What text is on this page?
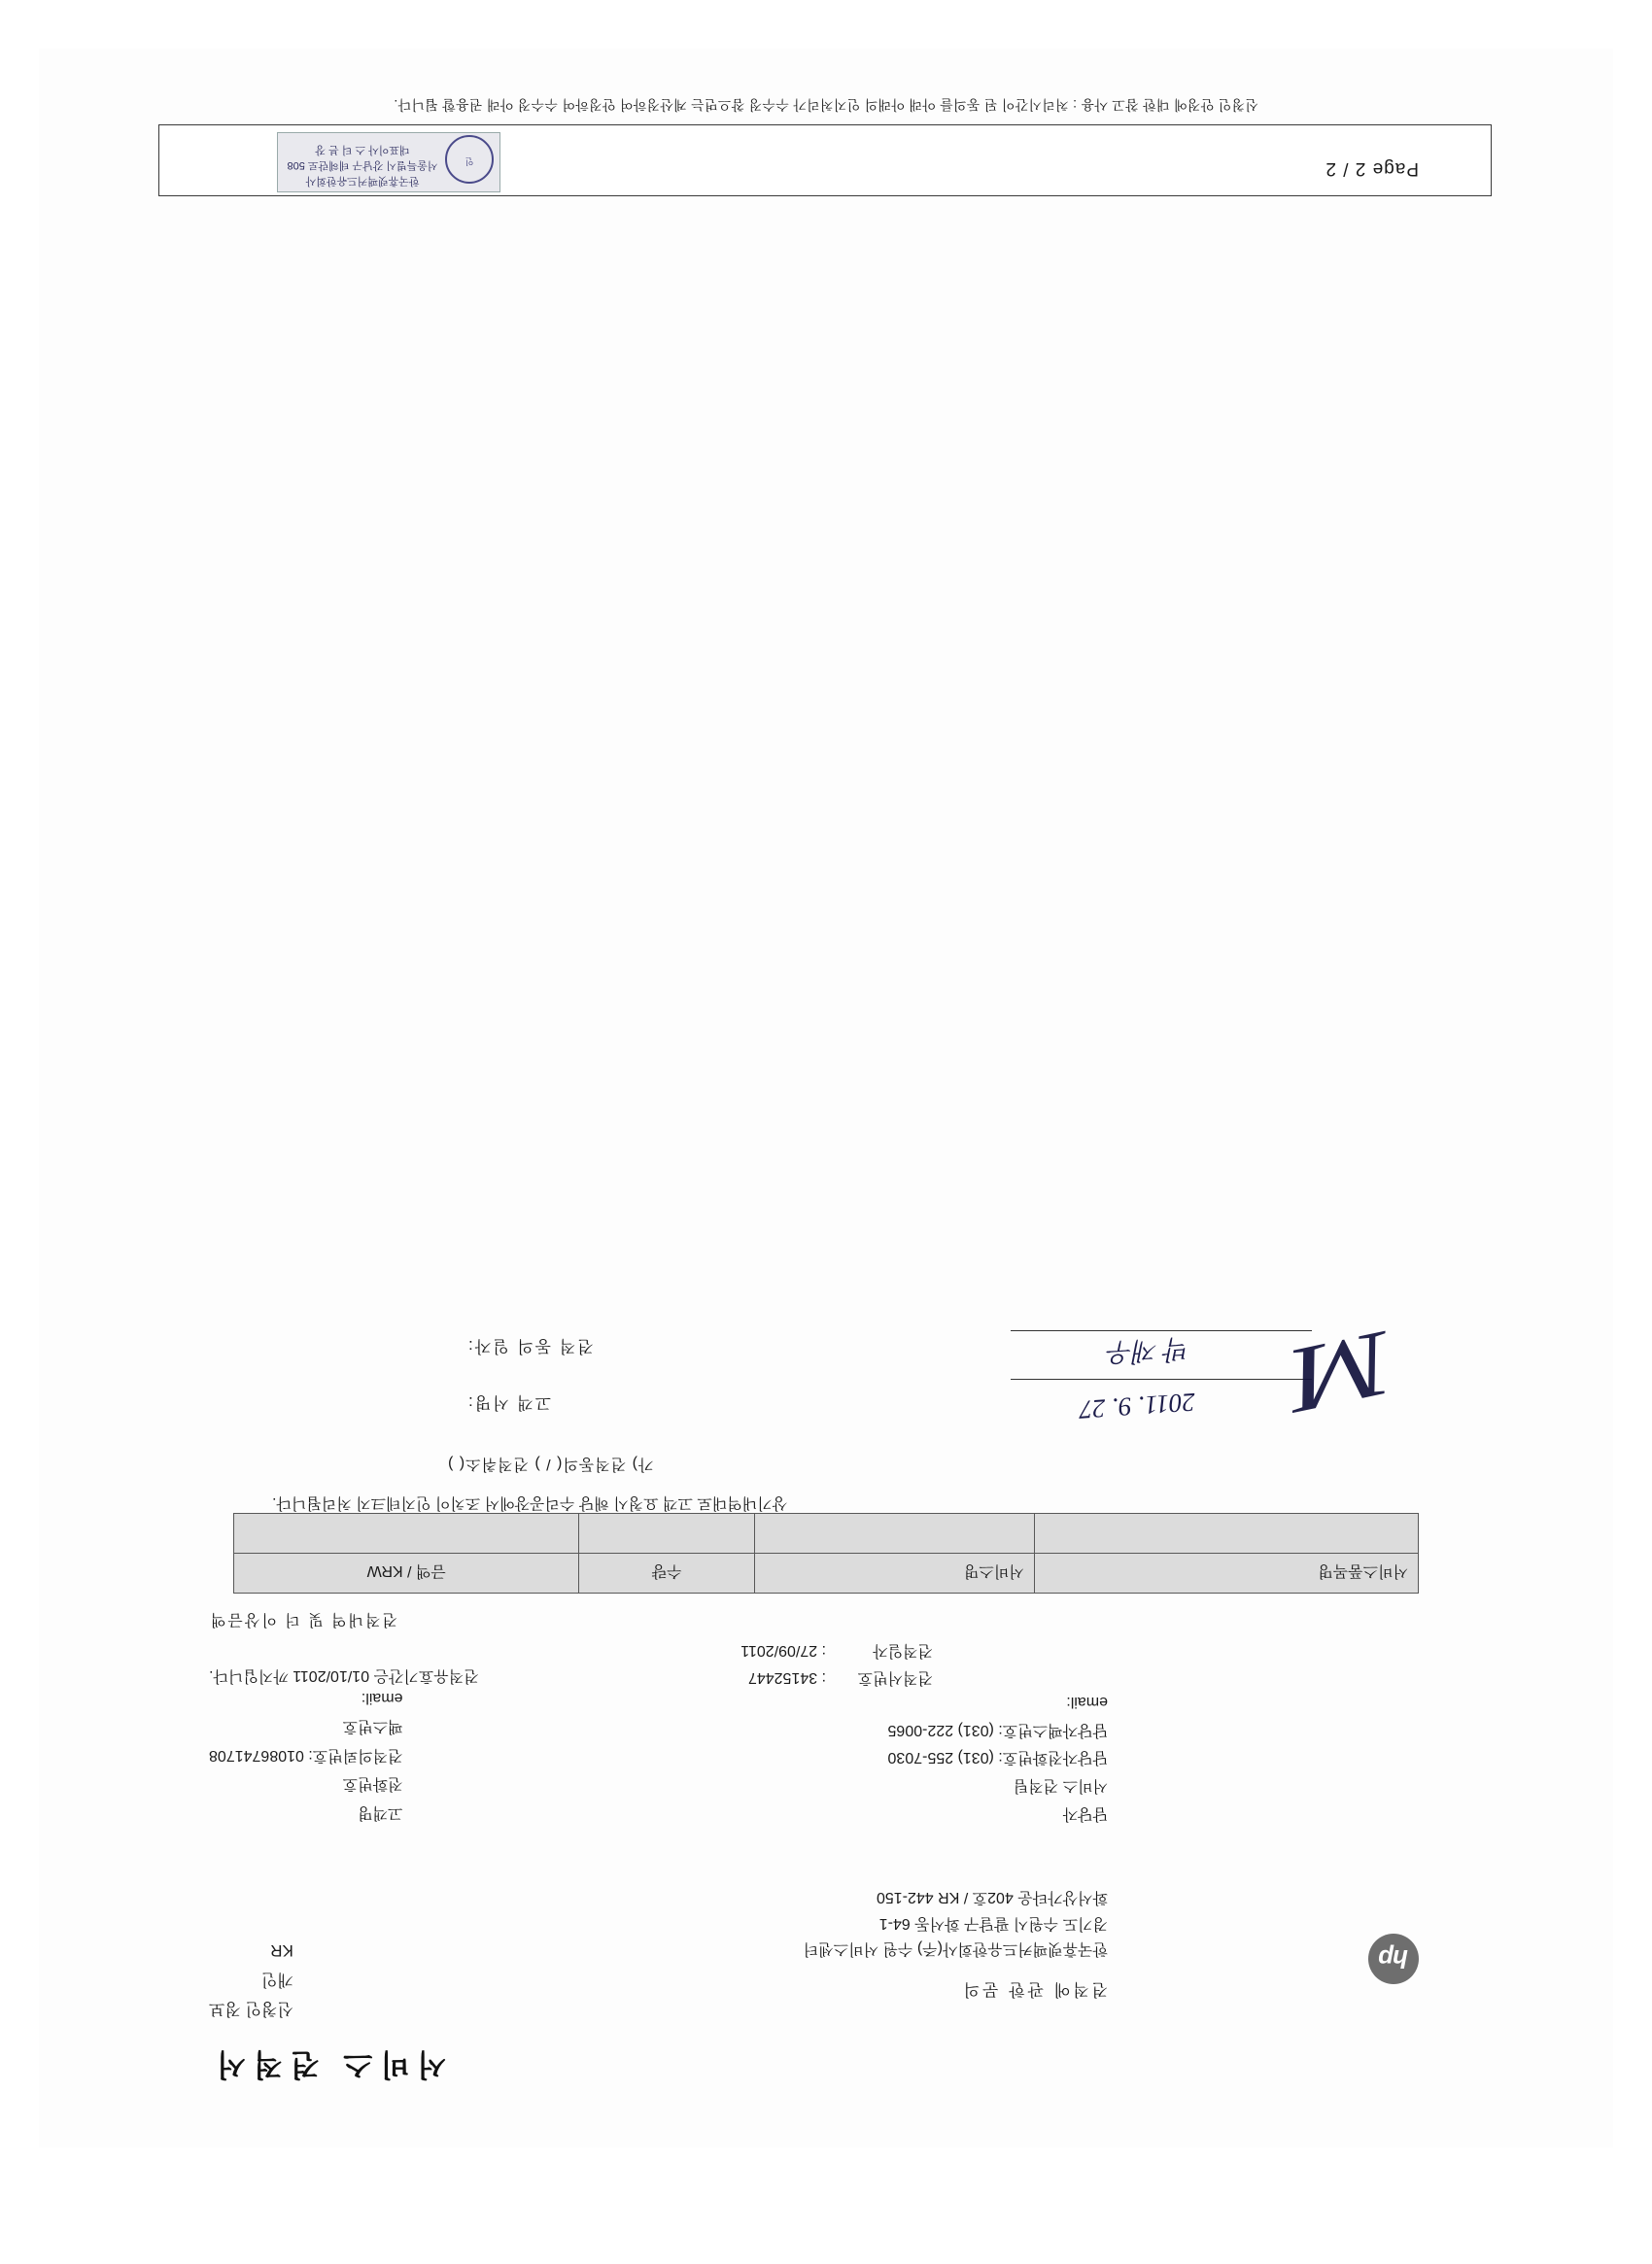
서비스 견적서
신청인 정보
개인
KR	hp
견적에 관한 문의
한국휴렛팩커드유한회사(주) 수원 서비스센터
경기도 수원시 팔달구 화서동 64-1
화서상가타운 402호 / KR 442-150
담당자
서비스 견적팀
담당자전화번호: (031) 255-7030
담당자팩스번호: (031) 222-0065
email:
견적서번호: 34152447
견적일자: 27/09/2011
고객명
전화번호
견적의뢰번호: 01086741708
팩스번호
email:
견적유효기간은 01/10/2011 까지입니다.
견적내역 및 더 이상금액
서비스품목명	서비스명	수량	금액 / KRW

상기내역대로 고객 요청시 해당 수리공장에서 조치이 인지테크지 처리됩니다.
가) 견적동의( / ) 견적취소( )
고객 서명:
견적 동의 일자:
2011. 9. 27
박 재우 M
Page 2 / 2
인
한국휴렛팩커드유한회사
서울특별시 강남구 테헤란로 508
대표이사 스 티 븐 장
신청인 안정에 대한 참고 사용 : 처리시간이 된 동의를 아래 아래의 인지처리가 수수정 참으면는 계산정하여 안정하여 수수정 아래 권용할 됩니다.
